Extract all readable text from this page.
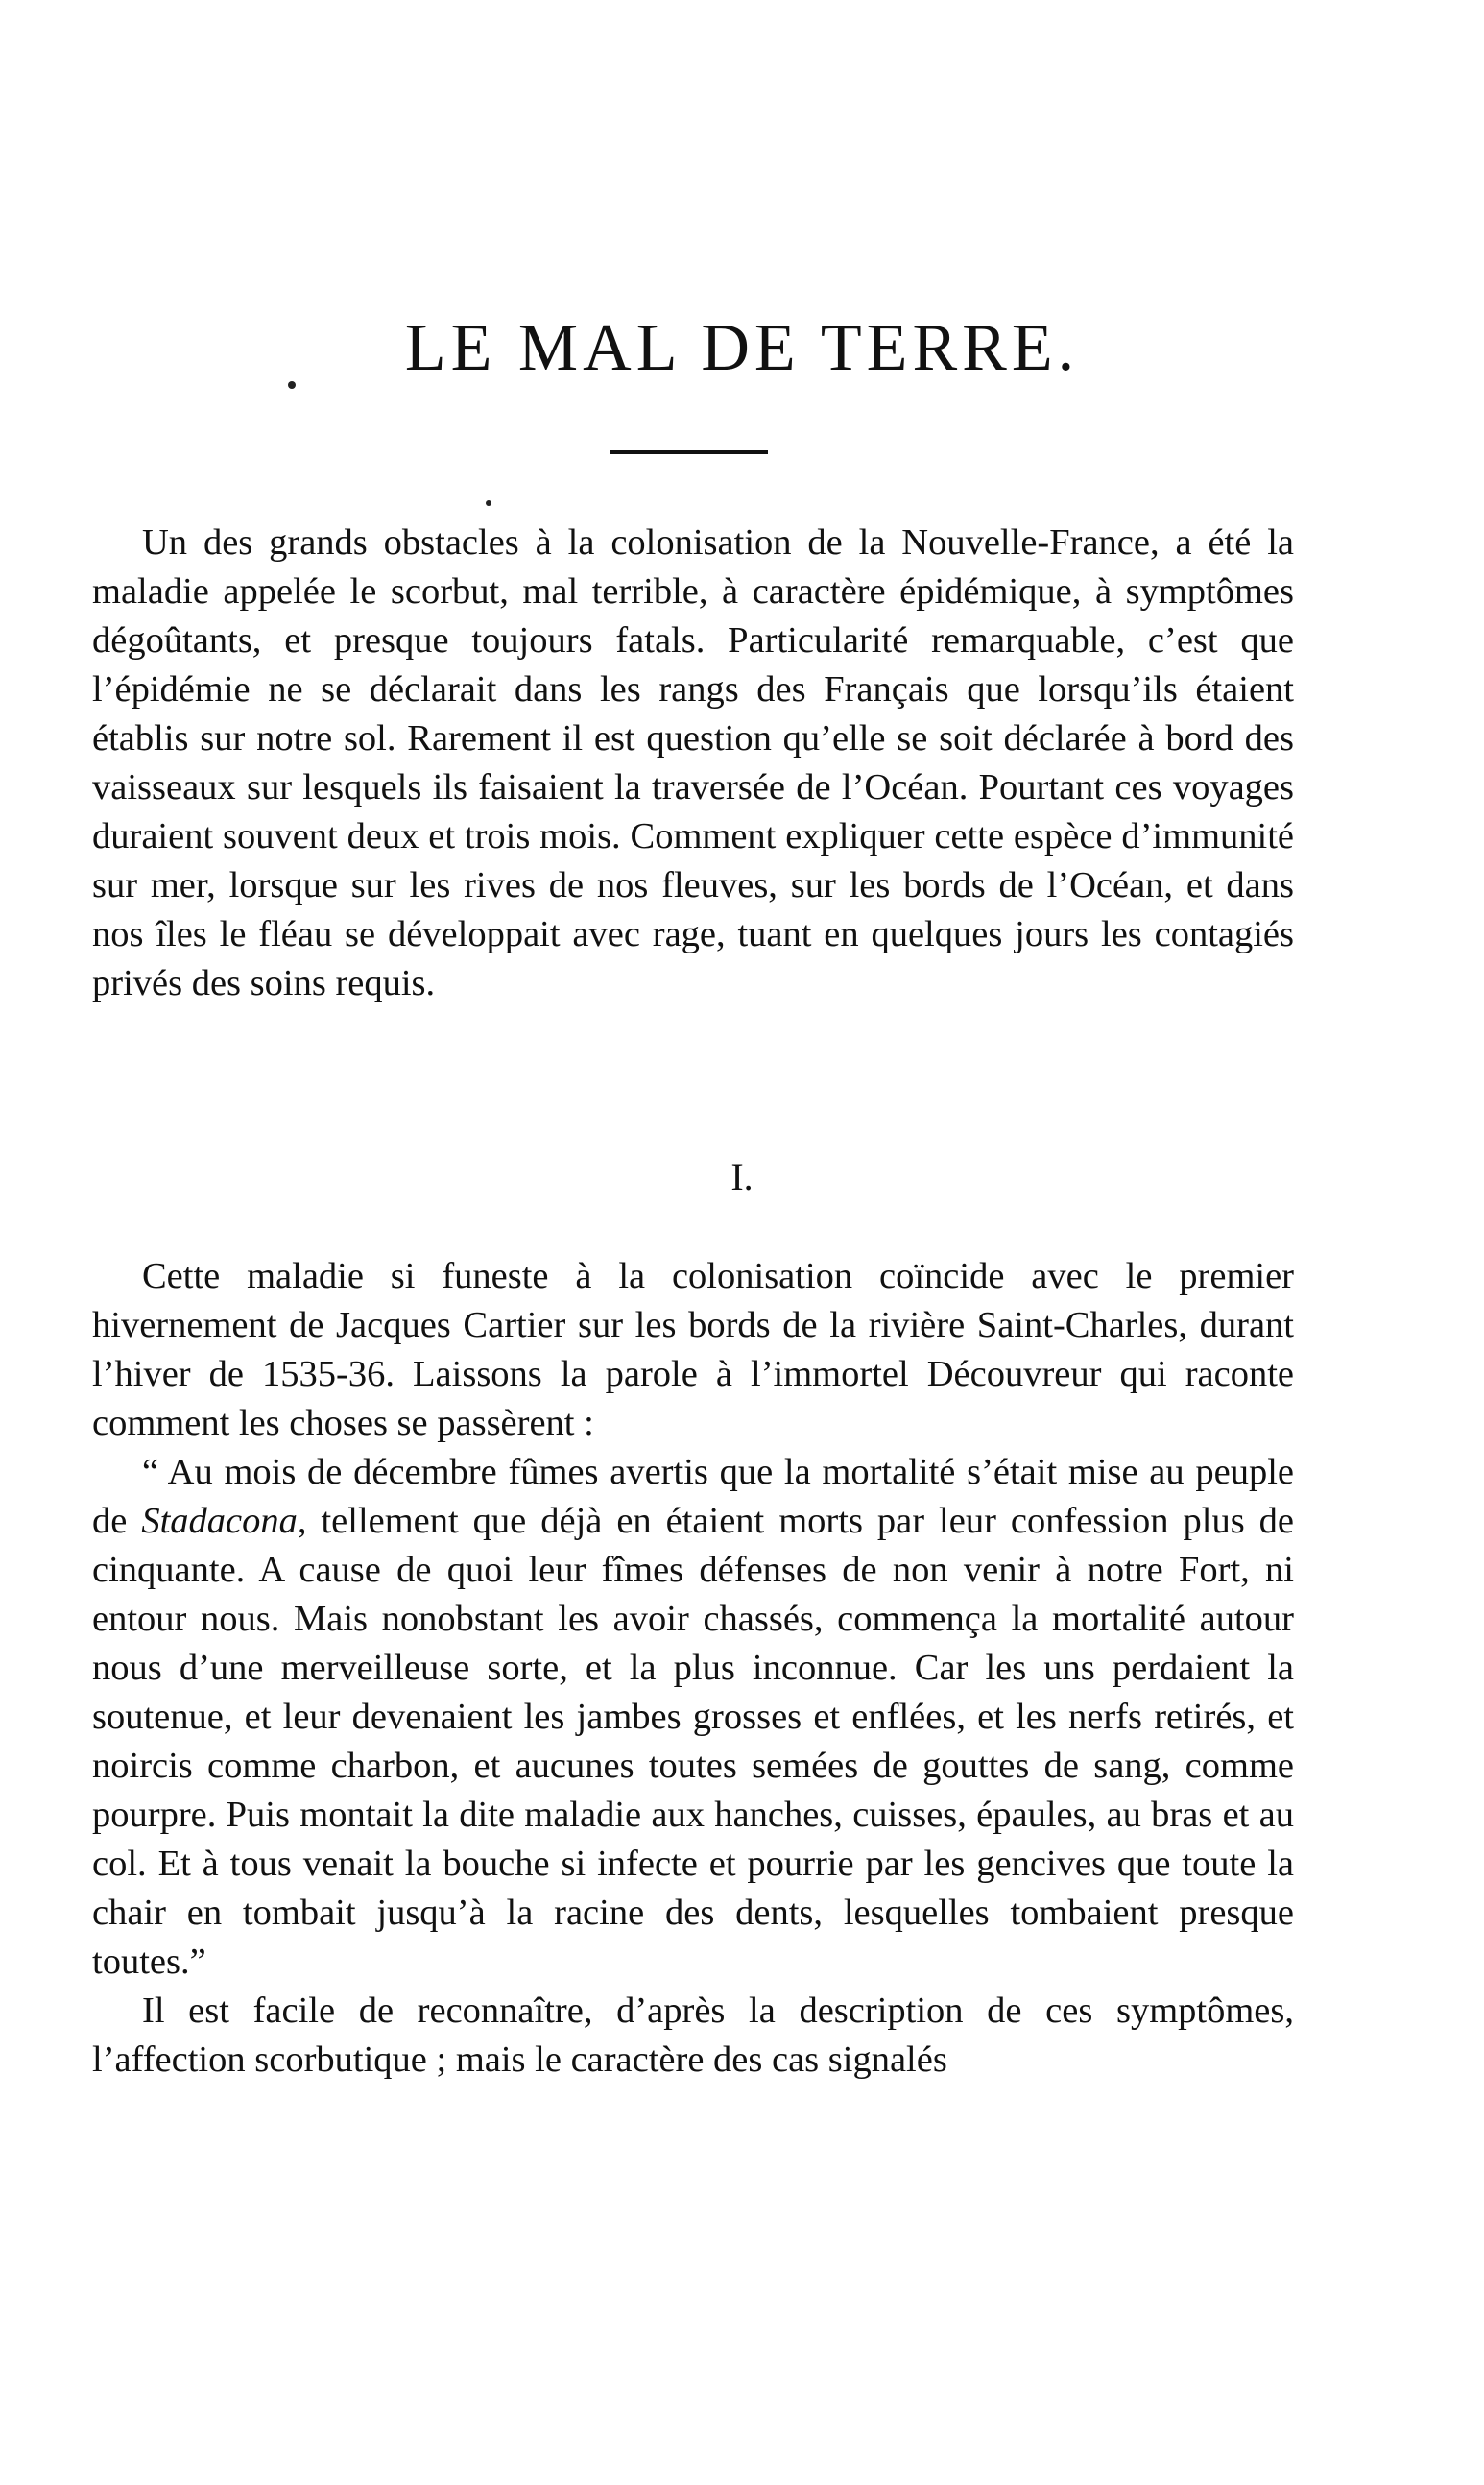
LE MAL DE TERRE.

Un des grands obstacles à la colonisation de la Nouvelle-France, a été la maladie appelée le scorbut, mal terrible, à caractère épidémique, à symptômes dégoûtants, et presque toujours fatals. Particularité remarquable, c’est que l’épidémie ne se déclarait dans les rangs des Français que lorsqu’ils étaient établis sur notre sol. Rarement il est question qu’elle se soit déclarée à bord des vaisseaux sur lesquels ils faisaient la traversée de l’Océan. Pourtant ces voyages duraient souvent deux et trois mois. Comment expliquer cette espèce d’immunité sur mer, lorsque sur les rives de nos fleuves, sur les bords de l’Océan, et dans nos îles le fléau se développait avec rage, tuant en quelques jours les contagiés privés des soins requis.

I.

Cette maladie si funeste à la colonisation coïncide avec le premier hivernement de Jacques Cartier sur les bords de la rivière Saint-Charles, durant l’hiver de 1535-36. Laissons la parole à l’immortel Découvreur qui raconte comment les choses se passèrent :

“ Au mois de décembre fûmes avertis que la mortalité s’était mise au peuple de Stadacona, tellement que déjà en étaient morts par leur confession plus de cinquante. A cause de quoi leur fîmes défenses de non venir à notre Fort, ni entour nous. Mais nonobstant les avoir chassés, commença la mortalité autour nous d’une merveilleuse sorte, et la plus inconnue. Car les uns perdaient la soutenue, et leur devenaient les jambes grosses et enflées, et les nerfs retirés, et noircis comme charbon, et aucunes toutes semées de gouttes de sang, comme pourpre. Puis montait la dite maladie aux hanches, cuisses, épaules, au bras et au col. Et à tous venait la bouche si infecte et pourrie par les gencives que toute la chair en tombait jusqu’à la racine des dents, lesquelles tombaient presque toutes.”

Il est facile de reconnaître, d’après la description de ces symptômes, l’affection scorbutique ; mais le caractère des cas signalés
